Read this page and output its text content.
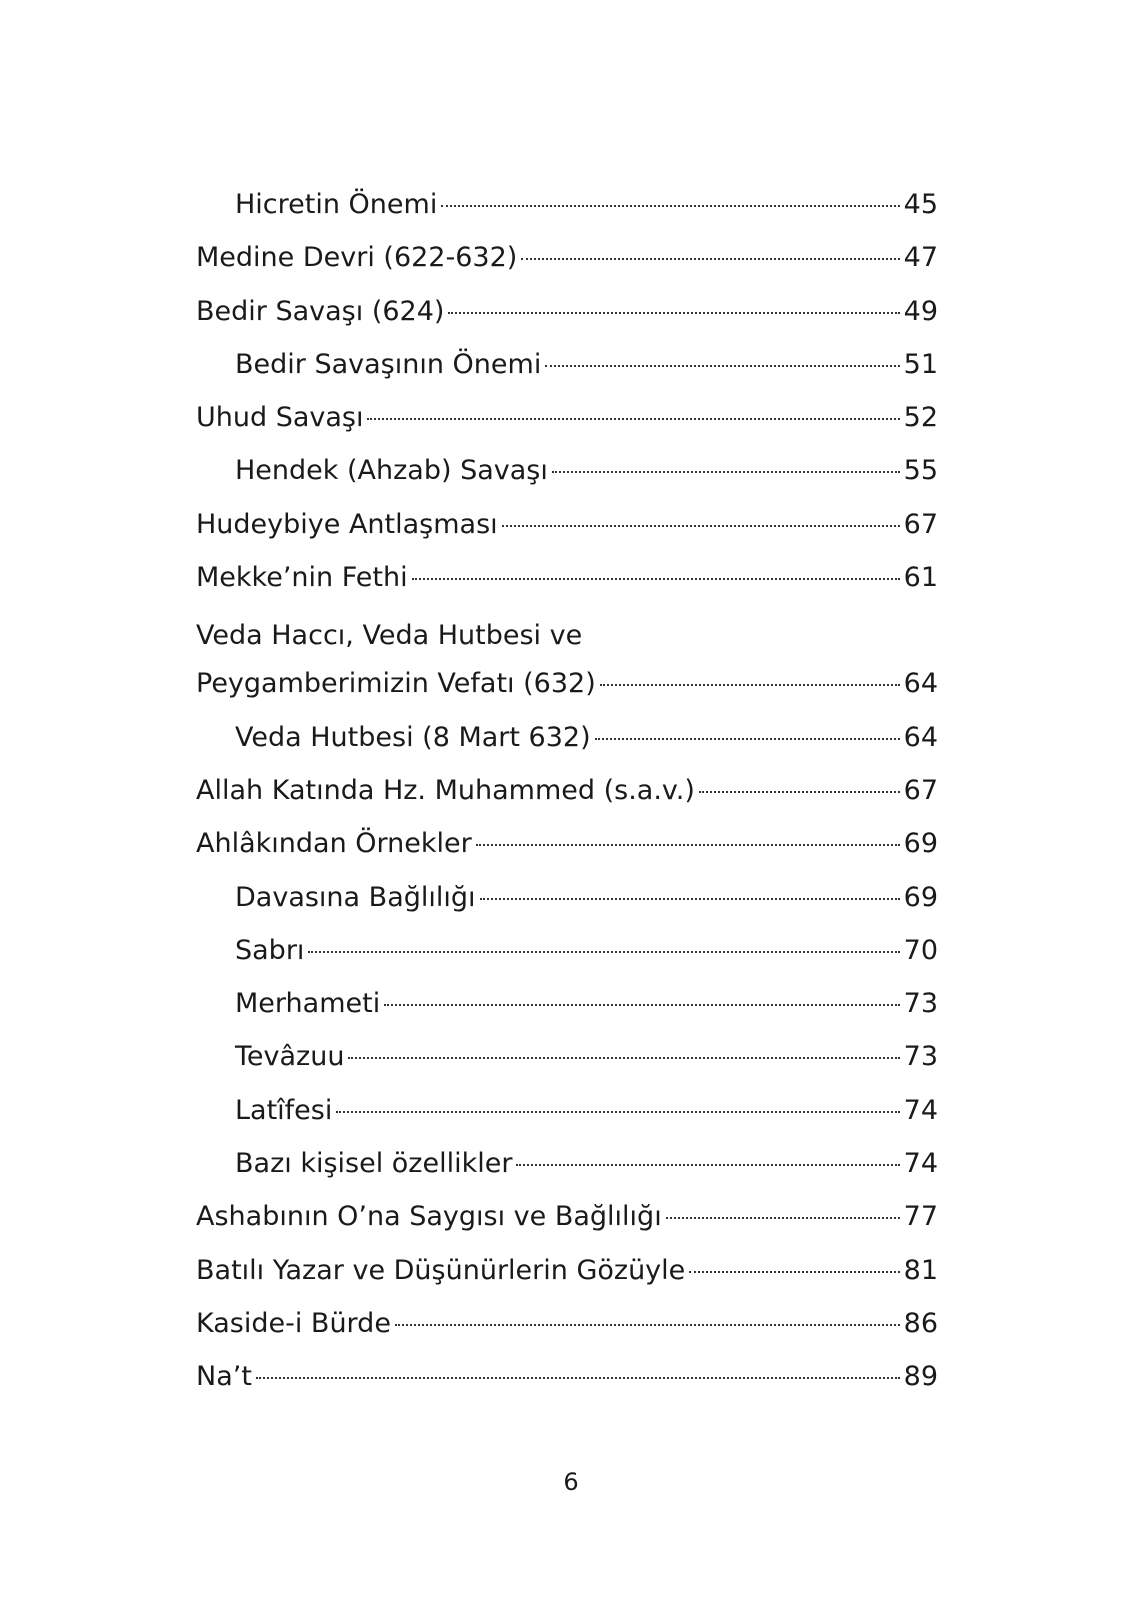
Hicretin Önemi	45
Medine Devri (622-632)	47
Bedir Savaşı (624)	49
Bedir Savaşının Önemi	51
Uhud Savaşı	52
Hendek (Ahzab) Savaşı	55
Hudeybiye Antlaşması	67
Mekke’nin Fethi	61
Veda Haccı, Veda Hutbesi ve
Peygamberimizin Vefatı (632)	64
Veda Hutbesi (8 Mart 632)	64
Allah Katında Hz. Muhammed (s.a.v.)	67
Ahlâkından Örnekler	69
Davasına Bağlılığı	69
Sabrı	70
Merhameti	73
Tevâzuu	73
Latîfesi	74
Bazı kişisel özellikler	74
Ashabının O’na Saygısı ve Bağlılığı	77
Batılı Yazar ve Düşünürlerin Gözüyle	81
Kaside-i Bürde	86
Na’t	89
6
